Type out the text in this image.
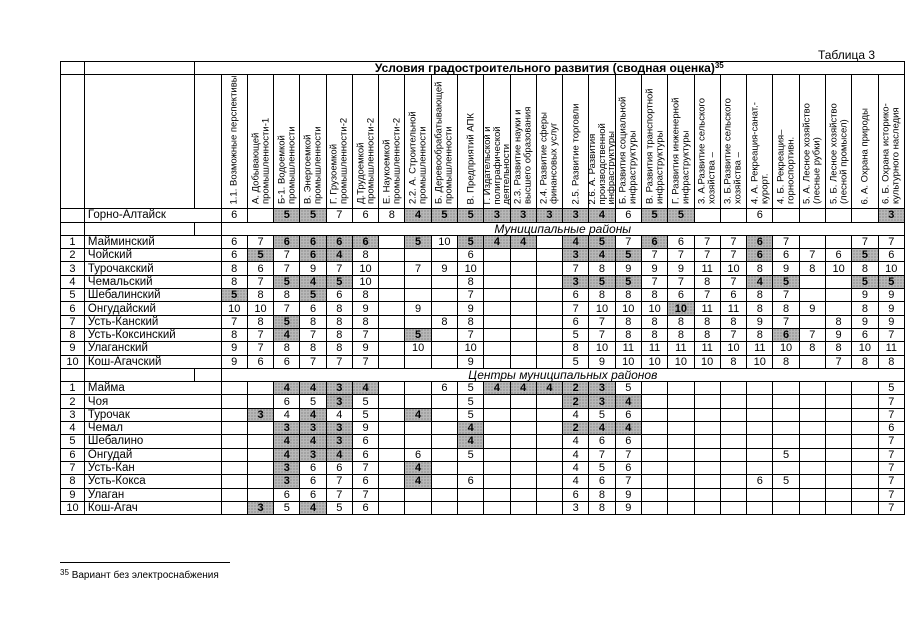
Таблица 3
		Условия градостроительного развития (сводная оценка)$^{35}$

			1.1. Возможные перспективы	А. Добывающей промышленности-1	Б-1. Водоемкой промышленности	В. Энергоемкой промышленности	Г. Грузоемкой промышленности-2	Д.Трудоемкой промышленности-2	Е. Наукоемкой промышленности-2	2.2. А. Строительной промышленности	Б. Деревообрабатывающей промышленности	В. Предприятий АПК	Г. Издательской и полиграфической деятельности	2.3. Развитие науки и высшего образования	2.4. Развитие сферы финансовых услуг	2.5. Развитие торговли	2.6. А. Развития производственной инфраструктуры	Б. Развития социальной инфраструктуры	В. Развития транспортной инфраструктуры	Г. Развития инженерной инфраструктуры	3. А.Развитие сельского хозяйства –	3. Б.Развитие сельского хозяйства –	4. А. Рекреация-санат.-курорт.	4. Б. Рекреация–горноспортивн.	5. А. Лесное хозяйство (лесные рубки)	5. Б. Лесное хозяйство (лесной промысел)	6. А. Охрана природы	6. Б. Охрана историко-культурного наследия

	Горно-Алтайск		6		5	5	7	6	8	4	5	5	3	3	3	3	4	6	5	5			6					3
			Муниципальные районы																									
1	Майминский		6	7	6	6	6	6		5	10	5	4	4		4	5	7	6	6	7	7	6	7			7	7
2	Чойский		6	5	7	6	4	8				6				3	4	5	7	7	7	7	6	6	7	6	5	6
3	Турочакский		8	6	7	9	7	10		7	9	10				7	8	9	9	9	11	10	8	9	8	10	8	10
4	Чемальский		8	7	5	4	5	10				8				3	5	5	7	7	8	7	4	5			5	5
5	Шебалинский		5	8	8	5	6	8				7				6	8	8	8	6	7	6	8	7			9	9
6	Онгудайский		10	10	7	6	8	9		9		9				7	10	10	10	10	11	11	8	8	9		8	9
7	Усть-Канский		7	8	5	8	8	8			8	8				6	7	8	8	8	8	8	9	7		8	9	9
8	Усть-Коксинский		8	7	4	7	8	7		5		7				5	7	8	8	8	8	7	8	6	7	9	6	7
9	Улаганский		9	7	8	8	8	9		10		10				8	10	11	11	11	11	10	11	10	8	8	10	11
10	Кош-Агачский		9	6	6	7	7	7				9				5	9	10	10	10	10	8	10	8		7	8	8
			Центры муниципальных районов																									
1	Майма				4	4	3	4			6	5	4	4	4	2	3	5										5
2	Чоя				6	5	3	5				5				2	3	4										7
3	Турочак			3	4	4	4	5		4		5				4	5	6										7
4	Чемал				3	3	3	9				4				2	4	4										6
5	Шебалино				4	4	3	6				4				4	6	6										7
6	Онгудай				4	3	4	6		6		5				4	7	7						5				7
7	Усть-Кан				3	6	6	7		4						4	5	6										7
8	Усть-Кокса				3	6	7	6		4		6				4	6	7					6	5				7
9	Улаган				6	6	7	7								6	8	9										7
10	Кош-Агач			3	5	4	5	6								3	8	9										7
$^{35}$ Вариант без электроснабжения
